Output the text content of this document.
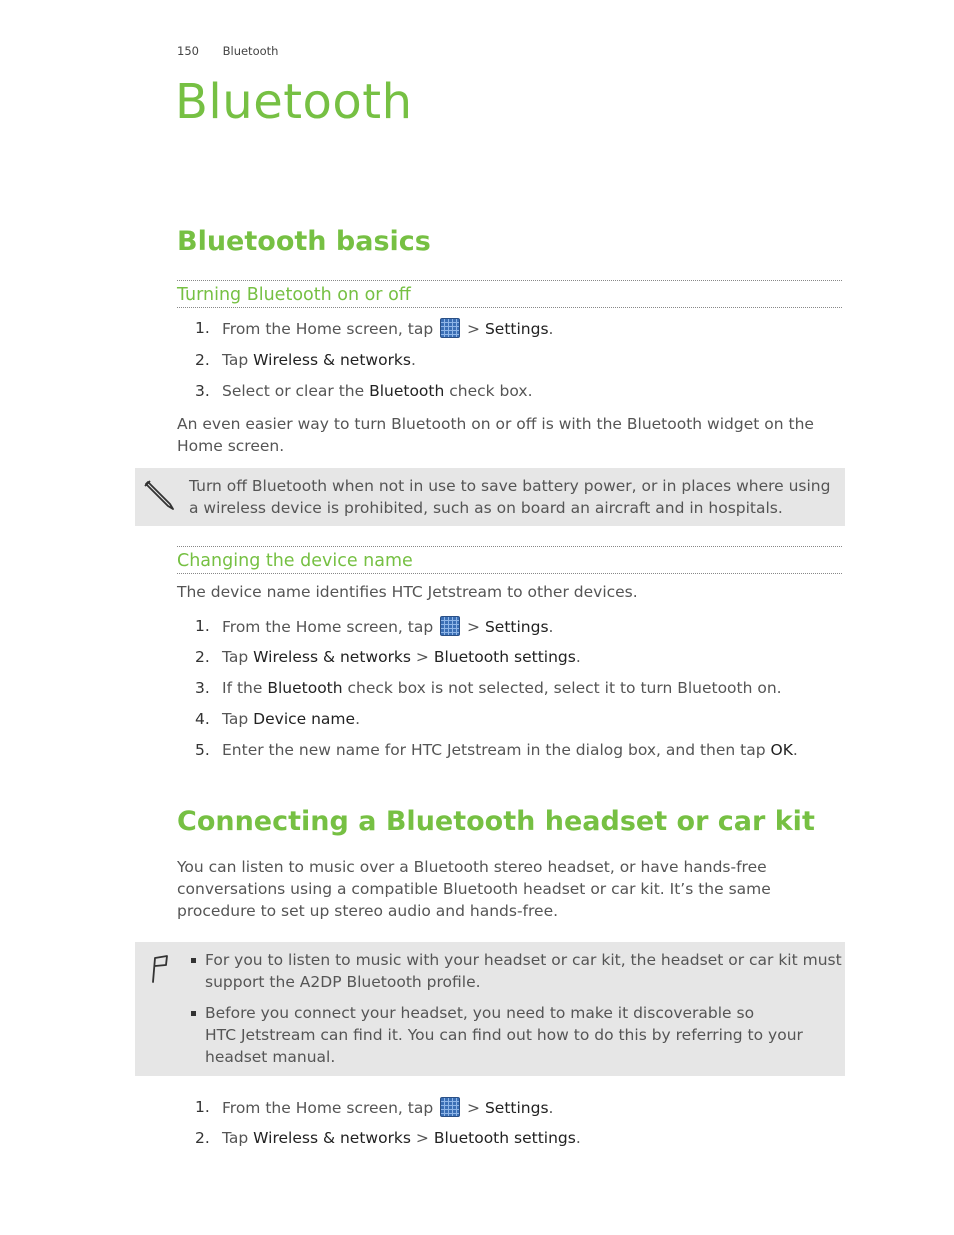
150 Bluetooth
Bluetooth
Bluetooth basics
Turning Bluetooth on or off
1. From the Home screen, tap  > Settings.
2. Tap Wireless & networks.
3. Select or clear the Bluetooth check box.
An even easier way to turn Bluetooth on or off is with the Bluetooth widget on the
Home screen.
Turn off Bluetooth when not in use to save battery power, or in places where using
a wireless device is prohibited, such as on board an aircraft and in hospitals.
Changing the device name
The device name identifies HTC Jetstream to other devices.
1. From the Home screen, tap  > Settings.
2. Tap Wireless & networks > Bluetooth settings.
3. If the Bluetooth check box is not selected, select it to turn Bluetooth on.
4. Tap Device name.
5. Enter the new name for HTC Jetstream in the dialog box, and then tap OK.
Connecting a Bluetooth headset or car kit
You can listen to music over a Bluetooth stereo headset, or have hands-free
conversations using a compatible Bluetooth headset or car kit. It’s the same
procedure to set up stereo audio and hands-free.
For you to listen to music with your headset or car kit, the headset or car kit must
support the A2DP Bluetooth profile.
Before you connect your headset, you need to make it discoverable so
HTC Jetstream can find it. You can find out how to do this by referring to your
headset manual.
1. From the Home screen, tap  > Settings.
2. Tap Wireless & networks > Bluetooth settings.
